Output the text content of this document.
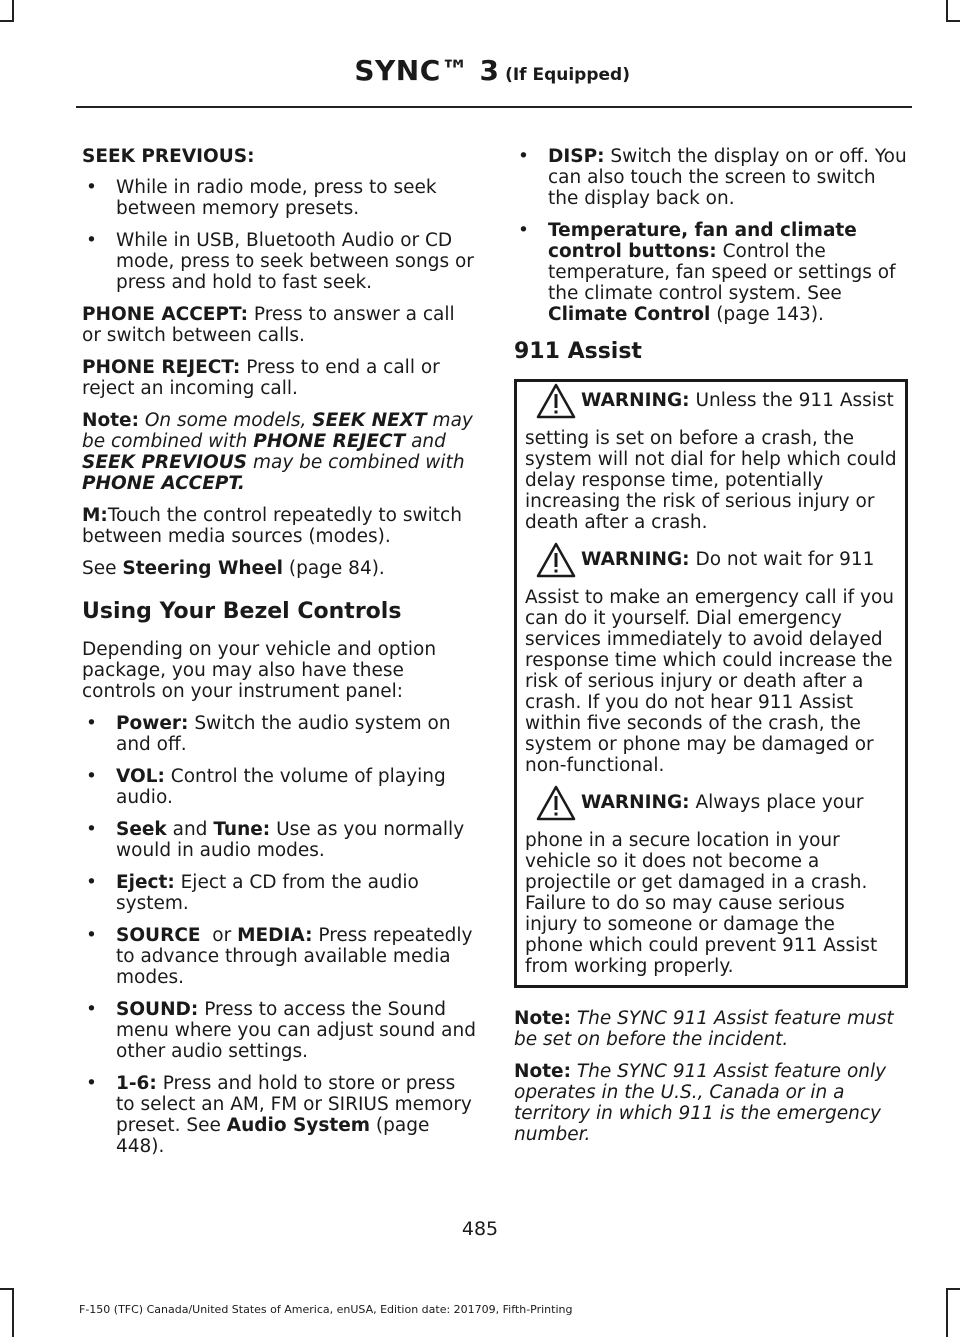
SYNC™ 3 (If Equipped)

SEEK PREVIOUS:

• While in radio mode, press to seek between memory presets.
• While in USB, Bluetooth Audio or CD mode, press to seek between songs or press and hold to fast seek.

PHONE ACCEPT: Press to answer a call or switch between calls.

PHONE REJECT: Press to end a call or reject an incoming call.

Note: On some models, SEEK NEXT may be combined with PHONE REJECT and SEEK PREVIOUS may be combined with PHONE ACCEPT.

M:Touch the control repeatedly to switch between media sources (modes).

See Steering Wheel (page 84).

Using Your Bezel Controls

Depending on your vehicle and option package, you may also have these controls on your instrument panel:

• Power: Switch the audio system on and off.
• VOL: Control the volume of playing audio.
• Seek and Tune: Use as you normally would in audio modes.
• Eject: Eject a CD from the audio system.
• SOURCE  or MEDIA: Press repeatedly to advance through available media modes.
• SOUND: Press to access the Sound menu where you can adjust sound and other audio settings.
• 1-6: Press and hold to store or press to select an AM, FM or SIRIUS memory preset. See Audio System (page 448).
• DISP: Switch the display on or off. You can also touch the screen to switch the display back on.
• Temperature, fan and climate control buttons: Control the temperature, fan speed or settings of the climate control system. See Climate Control (page 143).
911 Assist
WARNING: Unless the 911 Assist
setting is set on before a crash, the system will not dial for help which could delay response time, potentially increasing the risk of serious injury or death after a crash.
WARNING: Do not wait for 911
Assist to make an emergency call if you can do it yourself. Dial emergency services immediately to avoid delayed response time which could increase the risk of serious injury or death after a crash. If you do not hear 911 Assist within five seconds of the crash, the system or phone may be damaged or non-functional.
WARNING: Always place your
phone in a secure location in your vehicle so it does not become a projectile or get damaged in a crash. Failure to do so may cause serious injury to someone or damage the phone which could prevent 911 Assist from working properly.

Note: The SYNC 911 Assist feature must be set on before the incident.

Note: The SYNC 911 Assist feature only operates in the U.S., Canada or in a territory in which 911 is the emergency number.

485
F-150 (TFC) Canada/United States of America, enUSA, Edition date: 201709, Fifth-Printing
